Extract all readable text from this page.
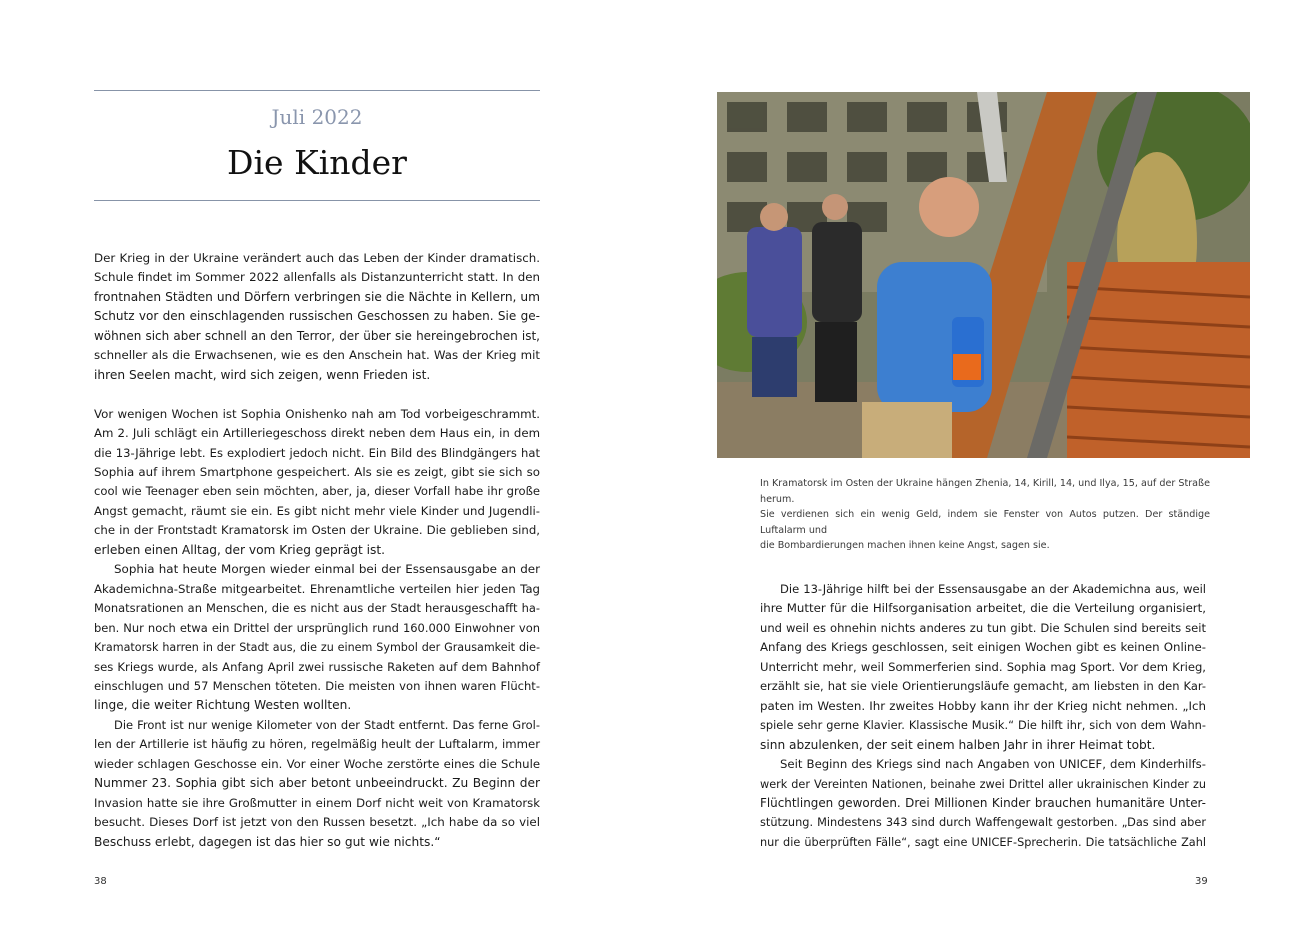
Juli 2022
Die Kinder

Der Krieg in der Ukraine verändert auch das Leben der Kinder dramatisch.
Schule findet im Sommer 2022 allenfalls als Distanzunterricht statt. In den
frontnahen Städten und Dörfern verbringen sie die Nächte in Kellern, um
Schutz vor den einschlagenden russischen Geschossen zu haben. Sie ge-
wöhnen sich aber schnell an den Terror, der über sie hereingebrochen ist,
schneller als die Erwachsenen, wie es den Anschein hat. Was der Krieg mit
ihren Seelen macht, wird sich zeigen, wenn Frieden ist.

Vor wenigen Wochen ist Sophia Onishenko nah am Tod vorbeigeschrammt.
Am 2. Juli schlägt ein Artilleriegeschoss direkt neben dem Haus ein, in dem
die 13-Jährige lebt. Es explodiert jedoch nicht. Ein Bild des Blindgängers hat
Sophia auf ihrem Smartphone gespeichert. Als sie es zeigt, gibt sie sich so
cool wie Teenager eben sein möchten, aber, ja, dieser Vorfall habe ihr große
Angst gemacht, räumt sie ein. Es gibt nicht mehr viele Kinder und Jugendli-
che in der Frontstadt Kramatorsk im Osten der Ukraine. Die geblieben sind,
erleben einen Alltag, der vom Krieg geprägt ist.

Sophia hat heute Morgen wieder einmal bei der Essensausgabe an der
Akademichna-Straße mitgearbeitet. Ehrenamtliche verteilen hier jeden Tag
Monatsrationen an Menschen, die es nicht aus der Stadt herausgeschafft ha-
ben. Nur noch etwa ein Drittel der ursprünglich rund 160.000 Einwohner von
Kramatorsk harren in der Stadt aus, die zu einem Symbol der Grausamkeit die-
ses Kriegs wurde, als Anfang April zwei russische Raketen auf dem Bahnhof
einschlugen und 57 Menschen töteten. Die meisten von ihnen waren Flücht-
linge, die weiter Richtung Westen wollten.

Die Front ist nur wenige Kilometer von der Stadt entfernt. Das ferne Grol-
len der Artillerie ist häufig zu hören, regelmäßig heult der Luftalarm, immer
wieder schlagen Geschosse ein. Vor einer Woche zerstörte eines die Schule
Nummer 23. Sophia gibt sich aber betont unbeeindruckt. Zu Beginn der
Invasion hatte sie ihre Großmutter in einem Dorf nicht weit von Kramatorsk
besucht. Dieses Dorf ist jetzt von den Russen besetzt. „Ich habe da so viel
Beschuss erlebt, dagegen ist das hier so gut wie nichts.“

38
In Kramatorsk im Osten der Ukraine hängen Zhenia, 14, Kirill, 14, und Ilya, 15, auf der Straße herum.
Sie verdienen sich ein wenig Geld, indem sie Fenster von Autos putzen. Der ständige Luftalarm und
die Bombardierungen machen ihnen keine Angst, sagen sie.

Die 13-Jährige hilft bei der Essensausgabe an der Akademichna aus, weil
ihre Mutter für die Hilfsorganisation arbeitet, die die Verteilung organisiert,
und weil es ohnehin nichts anderes zu tun gibt. Die Schulen sind bereits seit
Anfang des Kriegs geschlossen, seit einigen Wochen gibt es keinen Online-
Unterricht mehr, weil Sommerferien sind. Sophia mag Sport. Vor dem Krieg,
erzählt sie, hat sie viele Orientierungsläufe gemacht, am liebsten in den Kar-
paten im Westen. Ihr zweites Hobby kann ihr der Krieg nicht nehmen. „Ich
spiele sehr gerne Klavier. Klassische Musik.“ Die hilft ihr, sich von dem Wahn-
sinn abzulenken, der seit einem halben Jahr in ihrer Heimat tobt.

Seit Beginn des Kriegs sind nach Angaben von UNICEF, dem Kinderhilfs-
werk der Vereinten Nationen, beinahe zwei Drittel aller ukrainischen Kinder zu
Flüchtlingen geworden. Drei Millionen Kinder brauchen humanitäre Unter-
stützung. Mindestens 343 sind durch Waffengewalt gestorben. „Das sind aber
nur die überprüften Fälle“, sagt eine UNICEF-Sprecherin. Die tatsächliche Zahl

39
